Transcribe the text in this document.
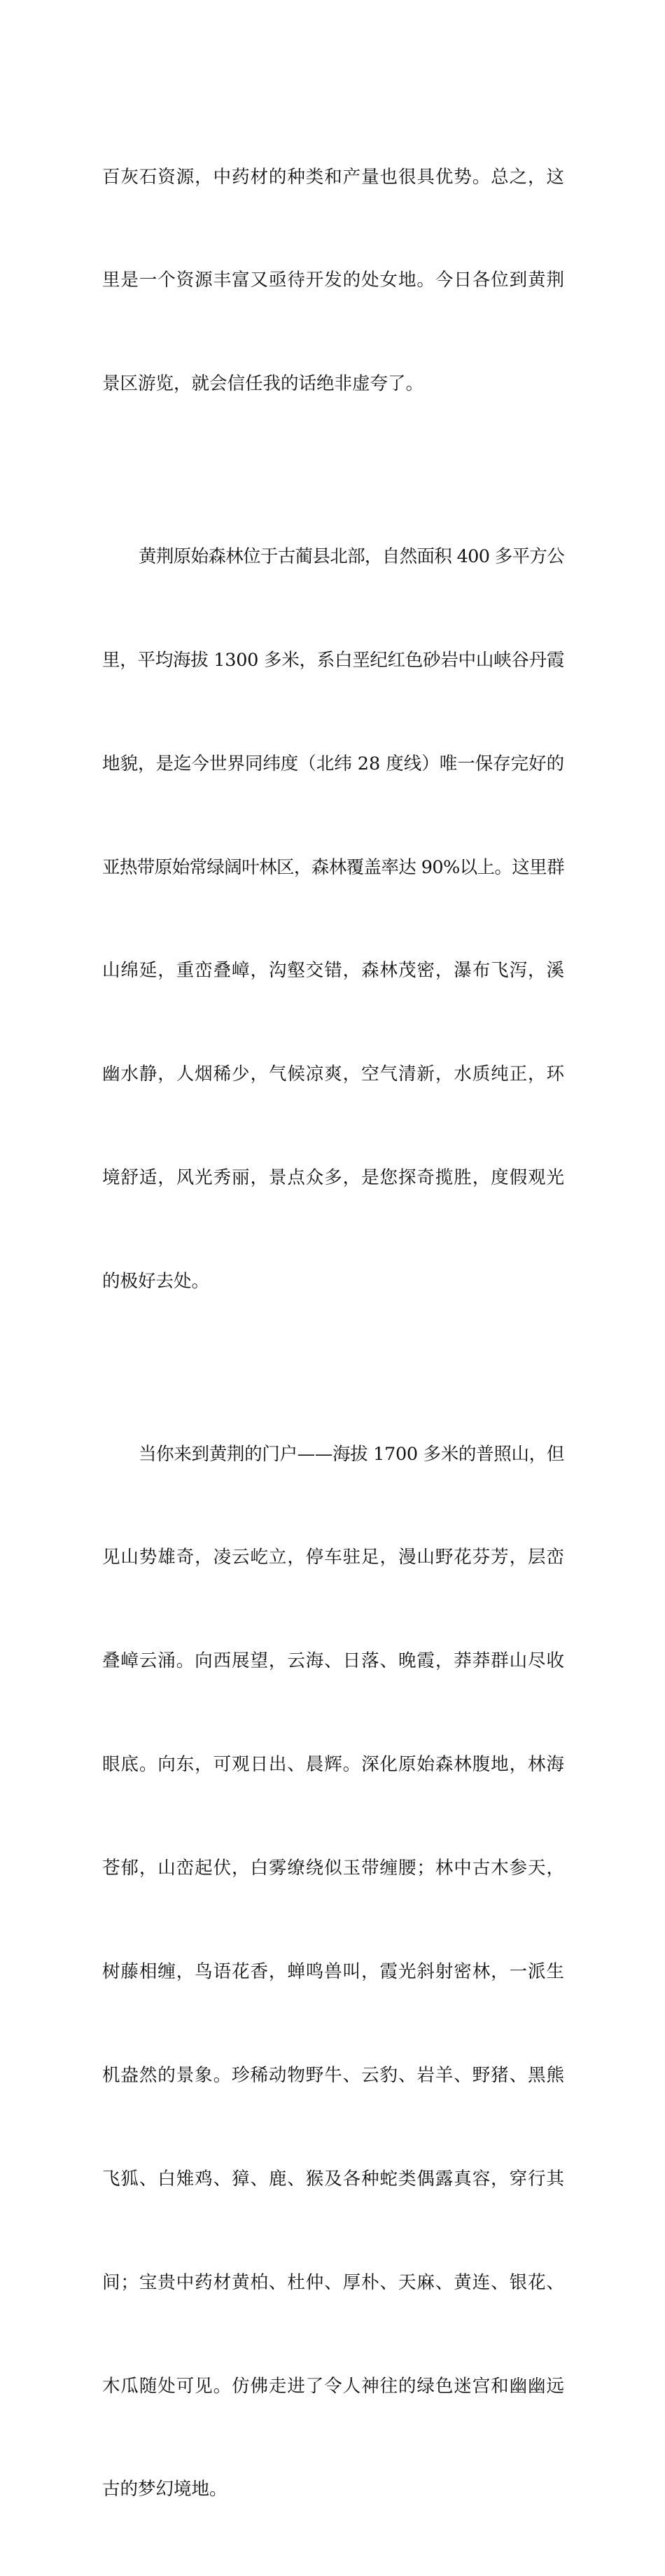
百灰石资源，中药材的种类和产量也很具优势。总之，这

里是一个资源丰富又亟待开发的处女地。今日各位到黄荆

景区游览，就会信任我的话绝非虚夸了。

黄荆原始森林位于古蔺县北部，自然面积 400 多平方公

里，平均海拔 1300 多米，系白垩纪红色砂岩中山峡谷丹霞

地貌，是迄今世界同纬度（北纬 28 度线）唯一保存完好的

亚热带原始常绿阔叶林区，森林覆盖率达 90%以上。这里群

山绵延，重峦叠嶂，沟壑交错，森林茂密，瀑布飞泻，溪

幽水静，人烟稀少，气候凉爽，空气清新，水质纯正，环

境舒适，风光秀丽，景点众多，是您探奇揽胜，度假观光

的极好去处。

当你来到黄荆的门户——海拔 1700 多米的普照山，但

见山势雄奇，凌云屹立，停车驻足，漫山野花芬芳，层峦

叠嶂云涌。向西展望，云海、日落、晚霞，莽莽群山尽收

眼底。向东，可观日出、晨辉。深化原始森林腹地，林海

苍郁，山峦起伏，白雾缭绕似玉带缠腰；林中古木参天，

树藤相缠，鸟语花香，蝉鸣兽叫，霞光斜射密林，一派生

机盎然的景象。珍稀动物野牛、云豹、岩羊、野猪、黑熊

飞狐、白雉鸡、獐、鹿、猴及各种蛇类偶露真容，穿行其

间；宝贵中药材黄柏、杜仲、厚朴、天麻、黄连、银花、

木瓜随处可见。仿佛走进了令人神往的绿色迷宫和幽幽远

古的梦幻境地。
